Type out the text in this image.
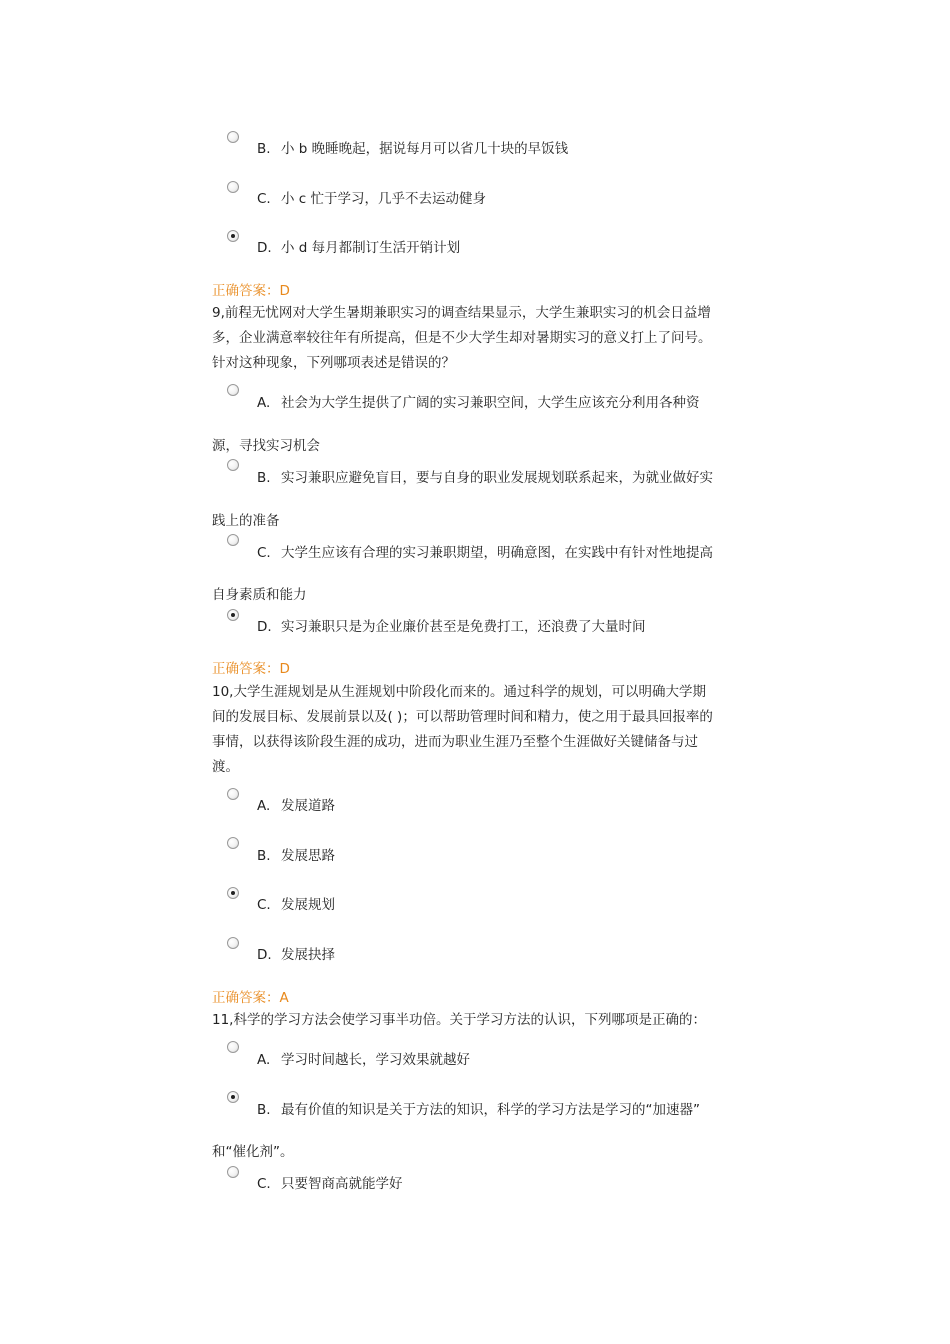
B. 小 b 晚睡晚起，据说每月可以省几十块的早饭钱
C. 小 c 忙于学习，几乎不去运动健身
D. 小 d 每月都制订生活开销计划
正确答案：D
9,前程无忧网对大学生暑期兼职实习的调查结果显示，大学生兼职实习的机会日益增
多，企业满意率较往年有所提高，但是不少大学生却对暑期实习的意义打上了问号。
针对这种现象，下列哪项表述是错误的？
A. 社会为大学生提供了广阔的实习兼职空间，大学生应该充分利用各种资
源，寻找实习机会
B. 实习兼职应避免盲目，要与自身的职业发展规划联系起来，为就业做好实
践上的准备
C. 大学生应该有合理的实习兼职期望，明确意图，在实践中有针对性地提高
自身素质和能力
D. 实习兼职只是为企业廉价甚至是免费打工，还浪费了大量时间
正确答案：D
10,大学生涯规划是从生涯规划中阶段化而来的。通过科学的规划，可以明确大学期
间的发展目标、发展前景以及( )；可以帮助管理时间和精力，使之用于最具回报率的
事情，以获得该阶段生涯的成功，进而为职业生涯乃至整个生涯做好关键储备与过
渡。
A. 发展道路
B. 发展思路
C. 发展规划
D. 发展抉择
正确答案：A
11,科学的学习方法会使学习事半功倍。关于学习方法的认识，下列哪项是正确的：
A. 学习时间越长，学习效果就越好
B. 最有价值的知识是关于方法的知识，科学的学习方法是学习的“加速器”
和“催化剂”。
C. 只要智商高就能学好
